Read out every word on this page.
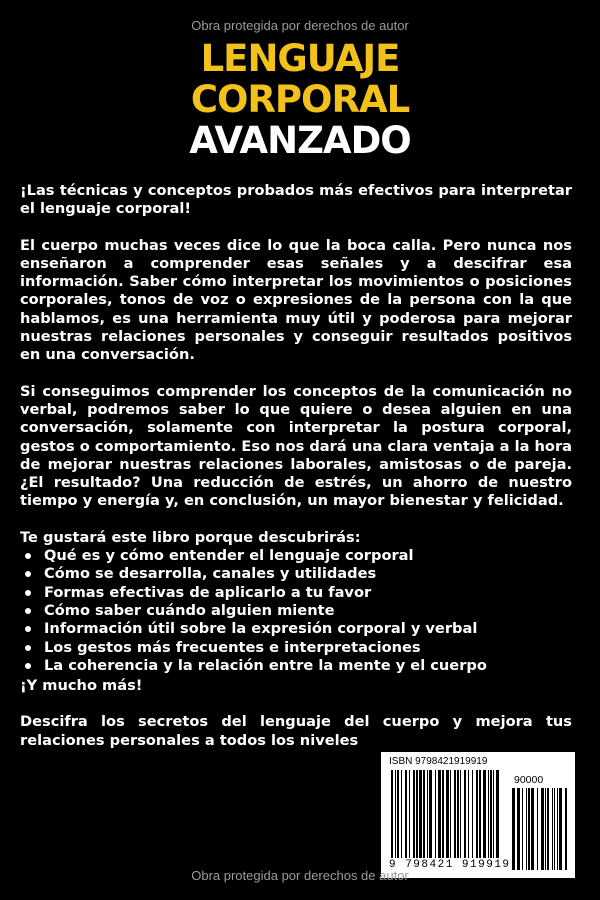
Obra protegida por derechos de autor
LENGUAJE
CORPORAL
AVANZADO

¡Las técnicas y conceptos probados más efectivos para interpretar el lenguaje corporal!

El cuerpo muchas veces dice lo que la boca calla. Pero nunca nos enseñaron a comprender esas señales y a descifrar esa información. Saber cómo interpretar los movimientos o posiciones corporales, tonos de voz o expresiones de la persona con la que hablamos, es una herramienta muy útil y poderosa para mejorar nuestras relaciones personales y conseguir resultados positivos en una conversación.

Si conseguimos comprender los conceptos de la comunicación no verbal, podremos saber lo que quiere o desea alguien en una conversación, solamente con interpretar la postura corporal, gestos o comportamiento. Eso nos dará una clara ventaja a la hora de mejorar nuestras relaciones laborales, amistosas o de pareja. ¿El resultado? Una reducción de estrés, un ahorro de nuestro tiempo y energía y, en conclusión, un mayor bienestar y felicidad.

Te gustará este libro porque descubrirás:
Qué es y cómo entender el lenguaje corporal
Cómo se desarrolla, canales y utilidades
Formas efectivas de aplicarlo a tu favor
Cómo saber cuándo alguien miente
Información útil sobre la expresión corporal y verbal
Los gestos más frecuentes e interpretaciones
La coherencia y la relación entre la mente y el cuerpo
¡Y mucho más!

Descifra los secretos del lenguaje del cuerpo y mejora tus relaciones personales a todos los niveles

ISBN 9798421919919
90000
9 798421 919919
Obra protegida por derechos de autor
